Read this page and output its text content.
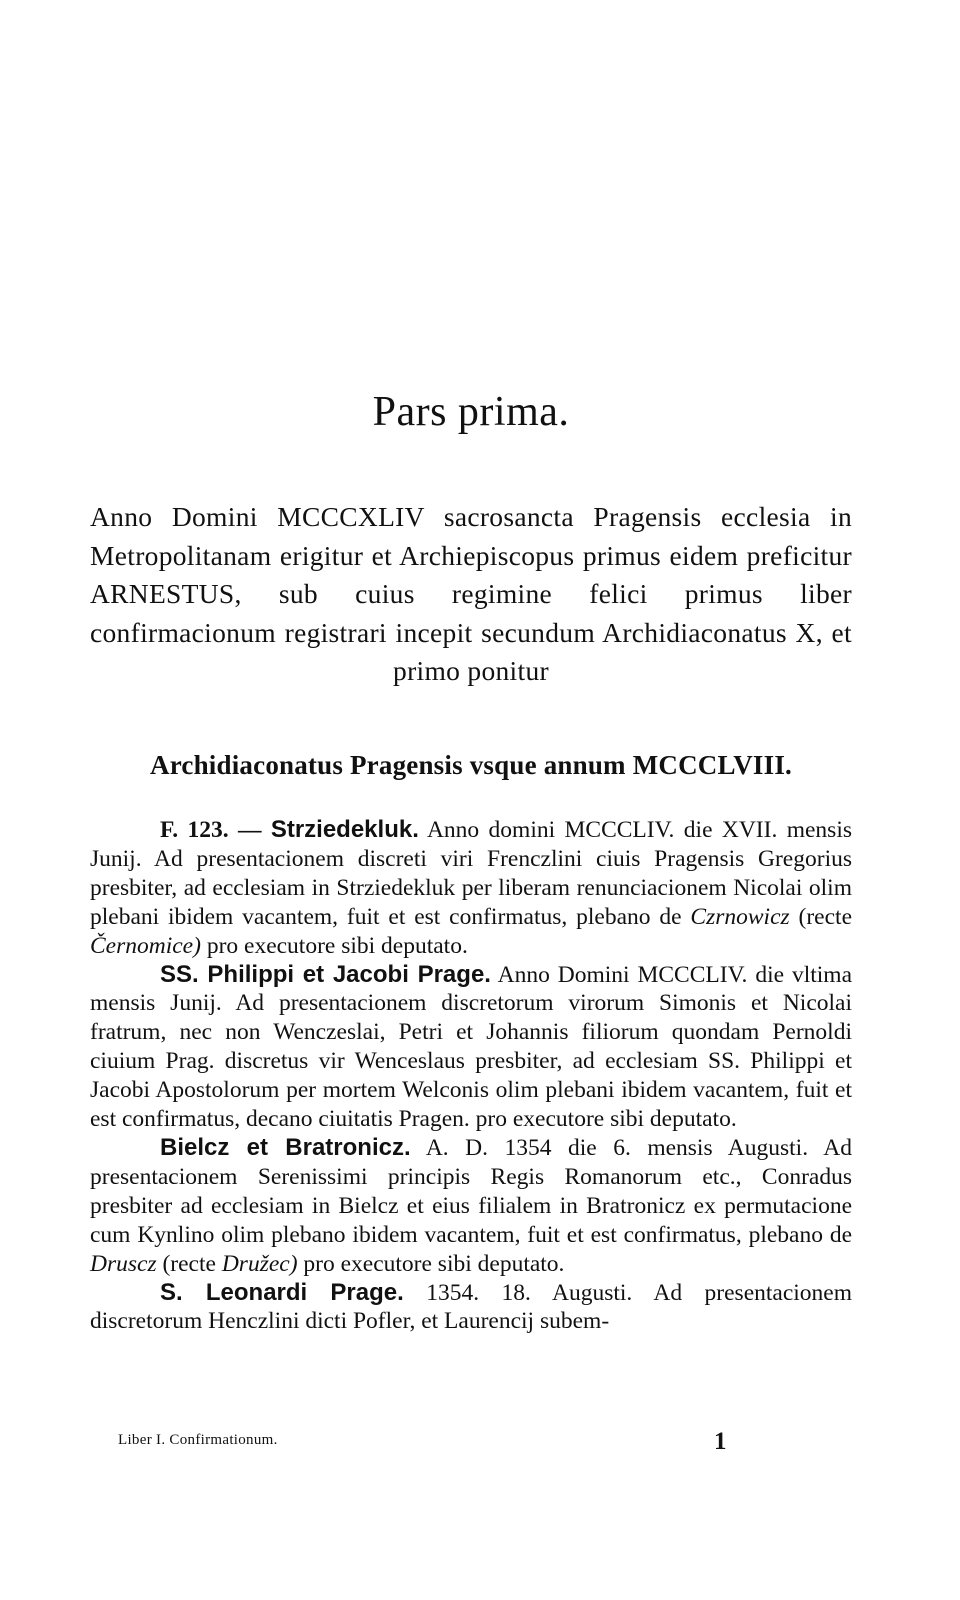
Pars prima.
Anno Domini MCCCXLIV sacrosancta Pragensis ecclesia in Metropolitanam erigitur et Archiepiscopus primus eidem preficitur ARNESTUS, sub cuius regimine felici primus liber confirmacionum registrari incepit secundum Archidiaconatus X, et primo ponitur
Archidiaconatus Pragensis vsque annum MCCCLVIII.

F. 123. — Strziedekluk. Anno domini MCCCLIV. die XVII. mensis Junij. Ad presentacionem discreti viri Frenczlini ciuis Pragensis Gregorius presbiter, ad ecclesiam in Strziedekluk per liberam renunciacionem Nicolai olim plebani ibidem vacantem, fuit et est confirmatus, plebano de Czrnowicz (recte Černomice) pro executore sibi deputato.

SS. Philippi et Jacobi Prage. Anno Domini MCCCLIV. die vltima mensis Junij. Ad presentacionem discretorum virorum Simonis et Nicolai fratrum, nec non Wenczeslai, Petri et Johannis filiorum quondam Pernoldi ciuium Prag. discretus vir Wenceslaus presbiter, ad ecclesiam SS. Philippi et Jacobi Apostolorum per mortem Welconis olim plebani ibidem vacantem, fuit et est confirmatus, decano ciuitatis Pragen. pro executore sibi deputato.

Bielcz et Bratronicz. A. D. 1354 die 6. mensis Augusti. Ad presentacionem Serenissimi principis Regis Romanorum etc., Conradus presbiter ad ecclesiam in Bielcz et eius filialem in Bratronicz ex permutacione cum Kynlino olim plebano ibidem vacantem, fuit et est confirmatus, plebano de Druscz (recte Družec) pro executore sibi deputato.

S. Leonardi Prage. 1354. 18. Augusti. Ad presentacionem discretorum Henczlini dicti Pofler, et Laurencij subem-

Liber I. Confirmationum.	1
